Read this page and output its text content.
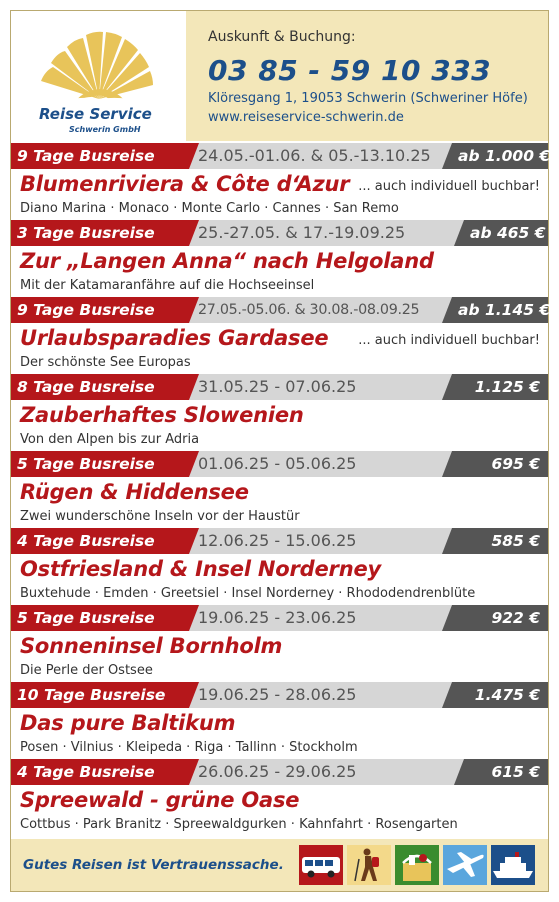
Reise Service
Schwerin GmbH
Auskunft & Buchung:
03 85 - 59 10 333
Klöresgang 1, 19053 Schwerin (Schweriner Höfe)
www.reiseservice-schwerin.de
9 Tage Busreise	24.05.-01.06. & 05.-13.10.25	ab 1.000 €
Blumenriviera & Côte d‘Azur ... auch individuell buchbar!
Diano Marina · Monaco · Monte Carlo · Cannes · San Remo
3 Tage Busreise	25.-27.05. & 17.-19.09.25	ab 465 €
Zur „Langen Anna“ nach Helgoland
Mit der Katamaranfähre auf die Hochseeinsel
9 Tage Busreise	27.05.-05.06. & 30.08.-08.09.25	ab 1.145 €
Urlaubsparadies Gardasee ... auch individuell buchbar!
Der schönste See Europas
8 Tage Busreise	31.05.25 - 07.06.25	1.125 €
Zauberhaftes Slowenien
Von den Alpen bis zur Adria
5 Tage Busreise	01.06.25 - 05.06.25	695 €
Rügen & Hiddensee
Zwei wunderschöne Inseln vor der Haustür
4 Tage Busreise	12.06.25 - 15.06.25	585 €
Ostfriesland & Insel Norderney
Buxtehude · Emden · Greetsiel · Insel Norderney · Rhododendrenblüte
5 Tage Busreise	19.06.25 - 23.06.25	922 €
Sonneninsel Bornholm
Die Perle der Ostsee
10 Tage Busreise	19.06.25 - 28.06.25	1.475 €
Das pure Baltikum
Posen · Vilnius · Kleipeda · Riga · Tallinn · Stockholm
4 Tage Busreise	26.06.25 - 29.06.25	615 €
Spreewald - grüne Oase
Cottbus · Park Branitz · Spreewaldgurken · Kahnfahrt · Rosengarten
Gutes Reisen ist Vertrauenssache.
